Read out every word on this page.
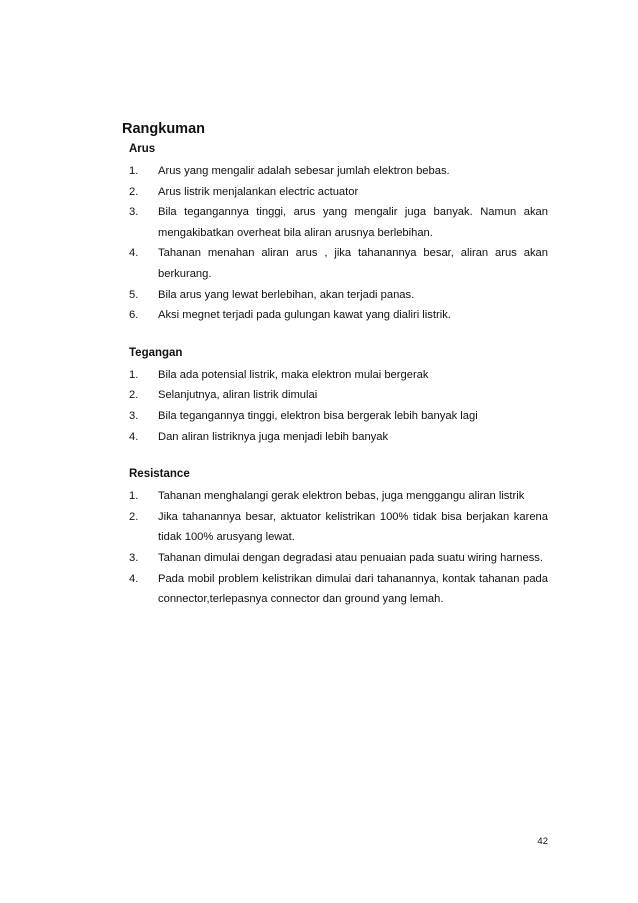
Rangkuman
Arus
1.	Arus yang mengalir adalah sebesar jumlah elektron bebas.
2.	Arus listrik menjalankan electric actuator
3.	Bila tegangannya tinggi, arus yang mengalir juga banyak. Namun akan mengakibatkan overheat bila aliran arusnya berlebihan.
4.	Tahanan menahan aliran arus , jika tahanannya besar, aliran arus akan berkurang.
5.	Bila arus yang lewat berlebihan, akan terjadi panas.
6.	Aksi megnet terjadi pada gulungan kawat yang dialiri listrik.
Tegangan
1.	Bila ada potensial listrik, maka elektron mulai bergerak
2.	Selanjutnya, aliran listrik dimulai
3.	Bila tegangannya tinggi, elektron bisa bergerak lebih banyak lagi
4.	Dan aliran listriknya juga menjadi lebih banyak
Resistance
1.	Tahanan menghalangi gerak elektron bebas, juga menggangu aliran listrik
2.	Jika tahanannya besar, aktuator kelistrikan 100% tidak bisa berjakan karena tidak 100% arusyang lewat.
3.	Tahanan dimulai dengan degradasi atau penuaian pada suatu wiring harness.
4.	Pada mobil problem kelistrikan dimulai dari tahanannya, kontak tahanan pada connector,terlepasnya connector dan ground yang lemah.
42
